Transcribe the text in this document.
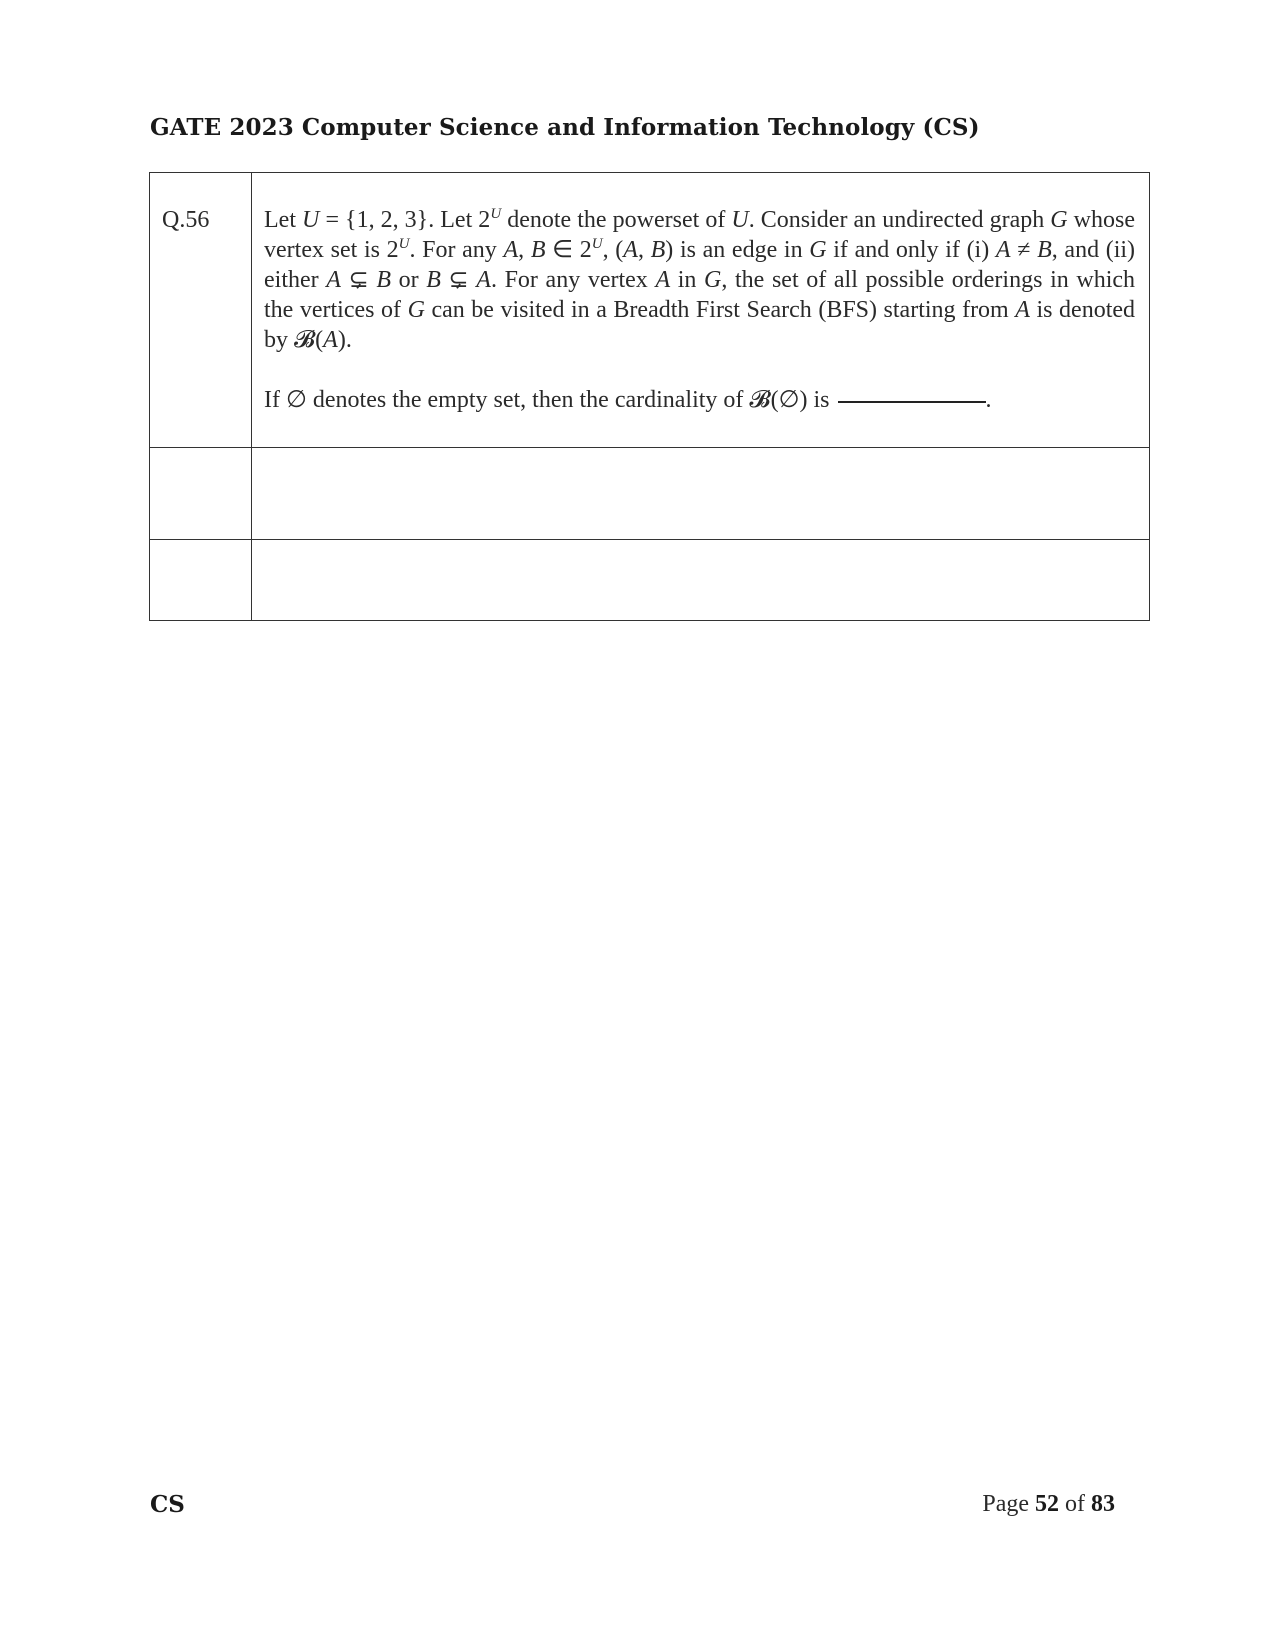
GATE 2023 Computer Science and Information Technology (CS)
Q.56 Let U = {1, 2, 3}. Let $2^U$ denote the powerset of U. Consider an undirected graph G whose vertex set is $2^U$. For any A, B ∈ $2^U$, (A, B) is an edge in G if and only if (i) A ≠ B, and (ii) either A ⊊ B or B ⊊ A. For any vertex A in G, the set of all possible orderings in which the vertices of G can be visited in a Breadth First Search (BFS) starting from A is denoted by 𝓑(A).

If ∅ denotes the empty set, then the cardinality of 𝓑(∅) is	.

CS	Page 52 of 83
